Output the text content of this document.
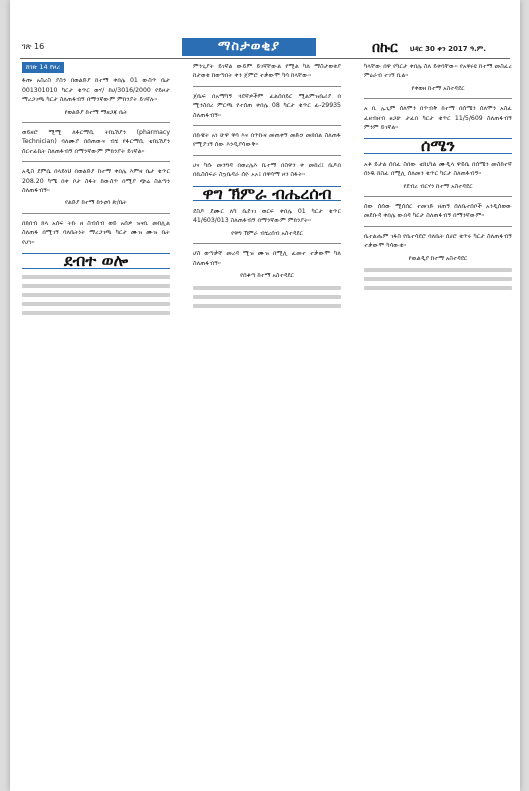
ገጽ 16	ማስታወቂያ	በኩር ህዳር 30 ቀን 2017 ዓ.ም.
ከገጽ 14 የዞረ

ፋጡ አስረስ ያስን በወልድያ ከተማ ቀበሌ 01 ውስጥ ቤታ 001301010 ካርታ ቁጥር ወሃ/ ከሀ/3016/2000 የይዞታ ማረጋገጫ ካርታ ስለጠፋብኝ በማንኛውም ምክንያት ይገኛሉ።

የወልድያ ከተማ ማዘጋጃ ቤት

ወይዘሮ ሚሚ ለፋርማሲ ትክኒሽያን (pharmacy Technician) ባለሙያ በሰጠውና ብሄ የፋርማሲ ቴክኒሽያን ሰርተፊኬት ስለጠፋብኝ በማንኛውም ምክንያት ይገኛል።

አዲስ ደምሴ በላይነህ በወልድያ ከተማ ቀበሌ እምዛ ቤታ ቁጥር 208.20 ካሜ በቀ ቦታ ስፋት ከውስጥ በሚያ ጭሬ ስልጣን ስለጠፋብኝ።

የልድያ ከተማ ከንቲባ ጽ/ቤት

በክበብ ክላ አሰፍ ትኩ ዘ ስብሰብ ወይ አሰዎ ዝናቢ መክሊል ስለጠፋ በሚገኝ ባለቤትነት ማረጋገጫ ካርታ ሙዝ ሙዝ ቤት የሆነ።

ደብተ ወሎ

ምንጊያት ይገኛል ውይም ይገኛቸውል የሚል ካለ ማስታወቂያ ከታወቂ ከወጣበት ቀን ጀምሮ ተቃውሞ ካሳ ከላቸው።

ጀቤፍ በአማካኝ ጓደኛዎችም ፈልሰበይር ሚልምዝቤሪያ በ ሚንስበረ ምርጫ የተሰጠ ቀበሌ 08 ካርታ ቁጥር ፊ-29935 ስለጠፋብኝ።

በኩዌት አነ ሁዋ ዋሳ እና በጥኩዛ መጠቀኝ መድኃ መክበል ስለጠፋ የሚያገኝ ሰው እንዲያሳውቅ።

ሀና ካሱ መንግዳ በወረሌእ ኪተማ በስዋን ቀ መከሪ፤ ቤዶበ በኪስሰፍራ ስኳቤዳራ ሰዮ ኦኦ፤ በዋሳማ ዞን ስፋት።

ዋግ ኽምራ ብሔረሰብ

ደስዶ ደሙር ለካ ቤደገገ ወርፍ ቀበሌ 01 ካርታ ቁጥር 41/603/013 ስለጠፋብኝ በማንኛውም ምክንያት።

የዋግ ኽምራ ብሄረሰብ አስተዳደር

ሆስ ወጣቃቸ መረዳ ሚዝ ሙዝ በሚሊ ፈመተ ተቃውሞ ካለ ስለጠፋብኝ።

የሰቆጣ ከተማ አስተዳደር

ካላቸው በዋ የካርታ ቀበሌ ስለ ይቀባቸው። የአዋሩዩ ከተማ መስፈረ ምዕራብ ተገኝ ቢል።

የቀወዘ ከተማ አስተዳደር

አ ቢ ኢጊም ሰለሞን በጥብቅ ከተማ በሰሜን ሰለሞን አስፈ ፈዘብዘብ ፀጋሁ ታፈበ ካርታ ቁጥር 11/5/609 ስለጠፋብኝ ምንም ይገኛል።

ሰሜን

አቶ ይታል ሰበፈ ስበው ቴክኒካል ሙዲላ ዋይቤ በሰሜን መስከተኛ ሰነዱ ከስፈ በሚሊ ሰለመን ቁጥር ካርታ ስለጠፋብኝ።

የደብረ ብርሃን ከተማ አስተዳደር

ሰው ሰሰው ሚሰሰር ተመገድ ዘጠኝ ሰለቤተሰቦች አንዲሰወው መደቡዳ ቀበሌ ውበዳ ካርታ ስለጠፋብኝ በማንኛውም።

ቤተልሔም ገፋስ የቤተሳደሮ ባለቤት ሰሀሮ ቁጥሩ ካርታ ስለጠፋብኝ ተቃውሞ ካሳውቁ።

የዉልዲያ ከተማ አስተዳደር
